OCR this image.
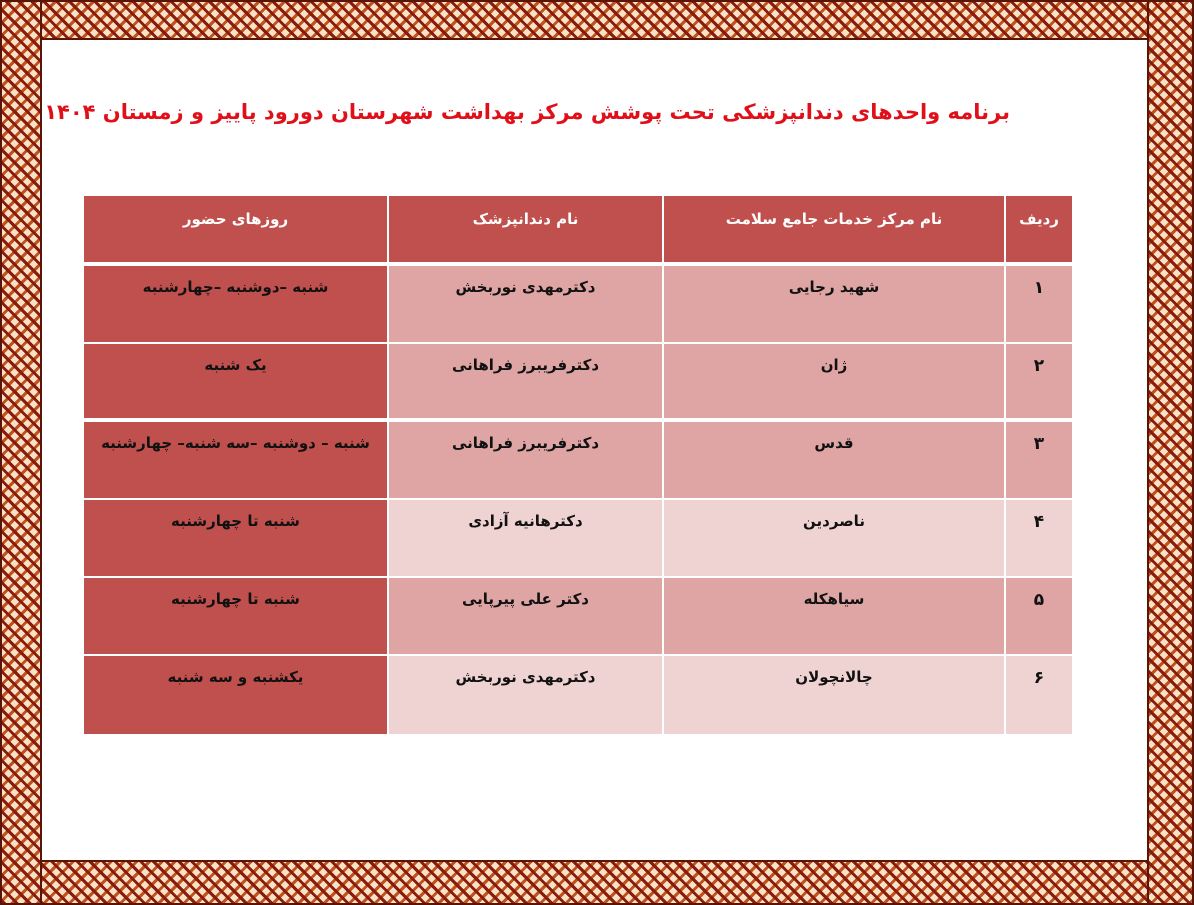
برنامه واحدهای دندانپزشکی تحت پوشش مرکز بهداشت شهرستان دورود پاییز و زمستان ۱۴۰۴
ردیف
نام مرکز خدمات جامع سلامت
نام دندانپزشک
روزهای حضور
۱
شهید رجایی
دکترمهدی نوربخش
شنبه –دوشنبه –چهارشنبه
۲
ژان
دکترفریبرز فراهانی
یک شنبه
۳
قدس
دکترفریبرز فراهانی
شنبه – دوشنبه –سه شنبه– چهارشنبه
۴
ناصردین
دکترهانیه آزادی
شنبه تا چهارشنبه
۵
سیاهکله
دکتر علی پیرپایی
شنبه تا چهارشنبه
۶
چالانچولان
دکترمهدی نوربخش
یکشنبه و سه شنبه
